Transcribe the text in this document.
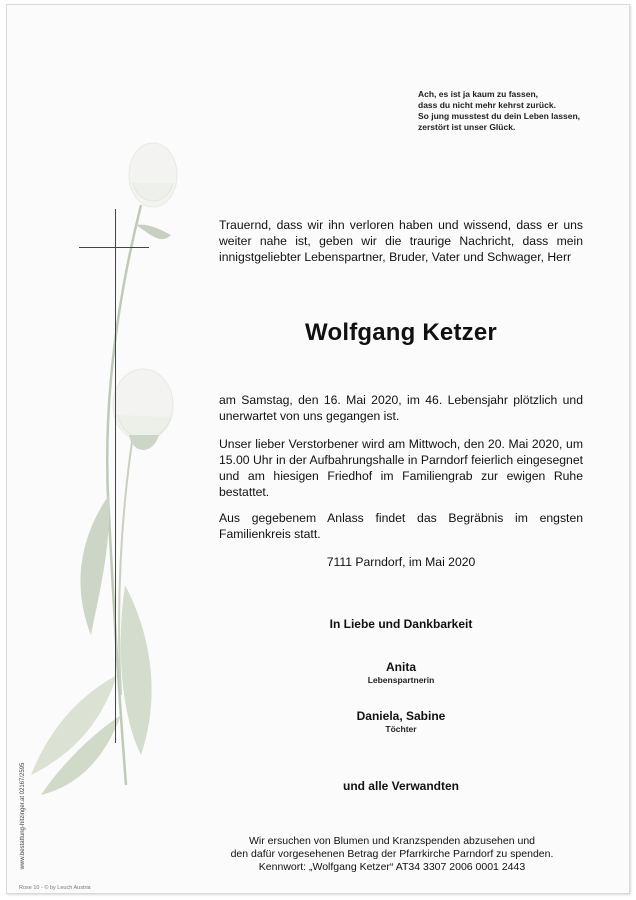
Ach, es ist ja kaum zu fassen,
dass du nicht mehr kehrst zurück.
So jung musstest du dein Leben lassen,
zerstört ist unser Glück.
Trauernd, dass wir ihn verloren haben und wissend, dass er uns weiter nahe ist, geben wir die traurige Nachricht, dass mein innigstgeliebter Lebenspartner, Bruder, Vater und Schwager, Herr
Wolfgang Ketzer
am Samstag, den 16. Mai 2020, im 46. Lebensjahr plötzlich und unerwartet von uns gegangen ist.
Unser lieber Verstorbener wird am Mittwoch, den 20. Mai 2020, um 15.00 Uhr in der Aufbahrungshalle in Parndorf feierlich eingesegnet und am hiesigen Friedhof im Familiengrab zur ewigen Ruhe bestattet.
Aus gegebenem Anlass findet das Begräbnis im engsten Familienkreis statt.
7111 Parndorf, im Mai 2020
In Liebe und Dankbarkeit
Anita
Lebenspartnerin
Daniela, Sabine
Töchter
und alle Verwandten
Wir ersuchen von Blumen und Kranzspenden abzusehen und
den dafür vorgesehenen Betrag der Pfarrkirche Parndorf zu spenden.
Kennwort: „Wolfgang Ketzer“ AT34 3307 2006 0001 2443
www.bestattung-hitzinger.at 02167/2595
Rose 10 - © by Leuch Austria
